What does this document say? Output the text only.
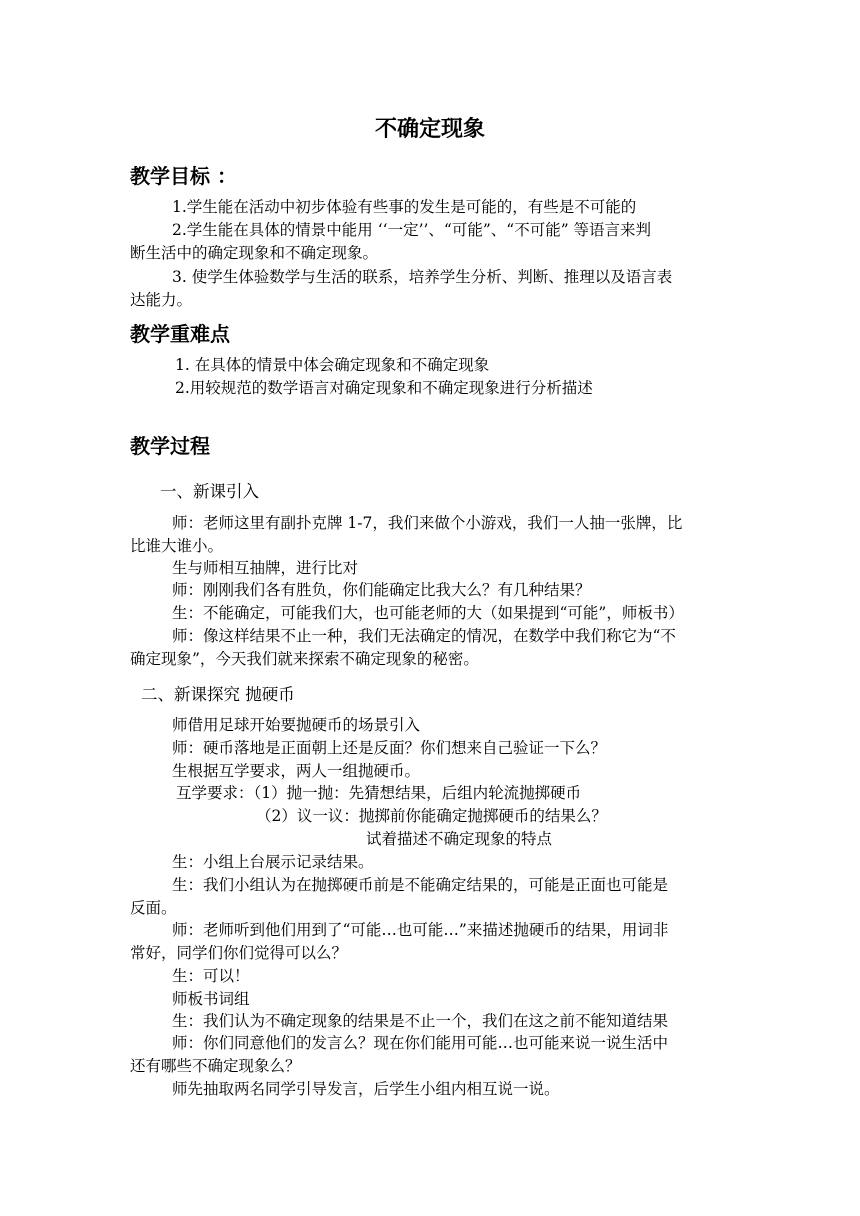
不确定现象
教学目标 ：
1.学生能在活动中初步体验有些事的发生是可能的，有些是不可能的
2.学生能在具体的情景中能用 ‘‘一定’’、“可能”、“不可能” 等语言来判
断生活中的确定现象和不确定现象。
3. 使学生体验数学与生活的联系，培养学生分析、判断、推理以及语言表
达能力。
教学重难点
1. 在具体的情景中体会确定现象和不确定现象
2.用较规范的数学语言对确定现象和不确定现象进行分析描述
教学过程
一、新课引入
师：老师这里有副扑克牌 1-7，我们来做个小游戏，我们一人抽一张牌，比
比谁大谁小。
生与师相互抽牌，进行比对
师：刚刚我们各有胜负，你们能确定比我大么？有几种结果？
生：不能确定，可能我们大，也可能老师的大（如果提到“可能”，师板书）
师：像这样结果不止一种，我们无法确定的情况，在数学中我们称它为“不
确定现象”，今天我们就来探索不确定现象的秘密。
二、新课探究 抛硬币
师借用足球开始要抛硬币的场景引入
师：硬币落地是正面朝上还是反面？你们想来自己验证一下么？
生根据互学要求，两人一组抛硬币。
互学要求：（1）抛一抛：先猜想结果，后组内轮流抛掷硬币
（2）议一议：抛掷前你能确定抛掷硬币的结果么？
试着描述不确定现象的特点
生：小组上台展示记录结果。
生：我们小组认为在抛掷硬币前是不能确定结果的，可能是正面也可能是
反面。
师：老师听到他们用到了“可能…也可能…”来描述抛硬币的结果，用词非
常好，同学们你们觉得可以么？
生：可以！
师板书词组
生：我们认为不确定现象的结果是不止一个，我们在这之前不能知道结果
师：你们同意他们的发言么？现在你们能用可能…也可能来说一说生活中
还有哪些不确定现象么？
师先抽取两名同学引导发言，后学生小组内相互说一说。
